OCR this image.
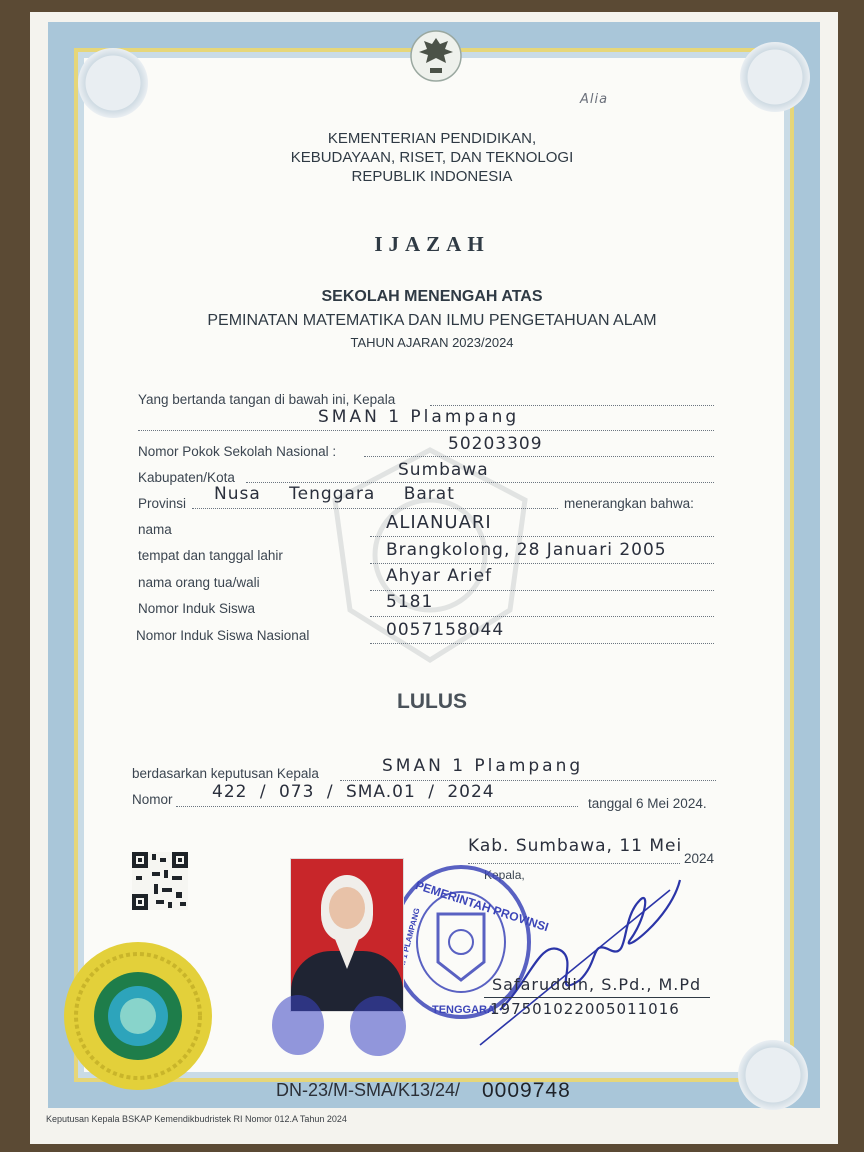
Alia
KEMENTERIAN PENDIDIKAN,
KEBUDAYAAN, RISET, DAN TEKNOLOGI
REPUBLIK INDONESIA
IJAZAH
SEKOLAH MENENGAH ATAS
PEMINATAN MATEMATIKA DAN ILMU PENGETAHUAN ALAM
TAHUN AJARAN 2023/2024
Yang bertanda tangan di bawah ini, Kepala
SMAN 1 Plampang
Nomor Pokok Sekolah Nasional :	50203309
Kabupaten/Kota	Sumbawa
Provinsi Nusa Tenggara Barat	menerangkan bahwa:
nama	ALIANUARI
tempat dan tanggal lahir	Brangkolong, 28 Januari 2005
nama orang tua/wali	Ahyar Arief
Nomor Induk Siswa	5181
Nomor Induk Siswa Nasional	0057158044
LULUS
berdasarkan keputusan Kepala	SMAN 1 Plampang
Nomor 422 / 073 / SMA.01 / 2024
tanggal 6 Mei 2024.
Kab. Sumbawa, 11 Mei
2024
Kepala,
PEMERINTAH PROVINSI
1 PLAMPANG
TENGGARA
Safaruddin, S.Pd., M.Pd
197501022005011016
DN-23/M-SMA/K13/24/ 0009748
Keputusan Kepala BSKAP Kemendikbudristek RI Nomor 012.A Tahun 2024
